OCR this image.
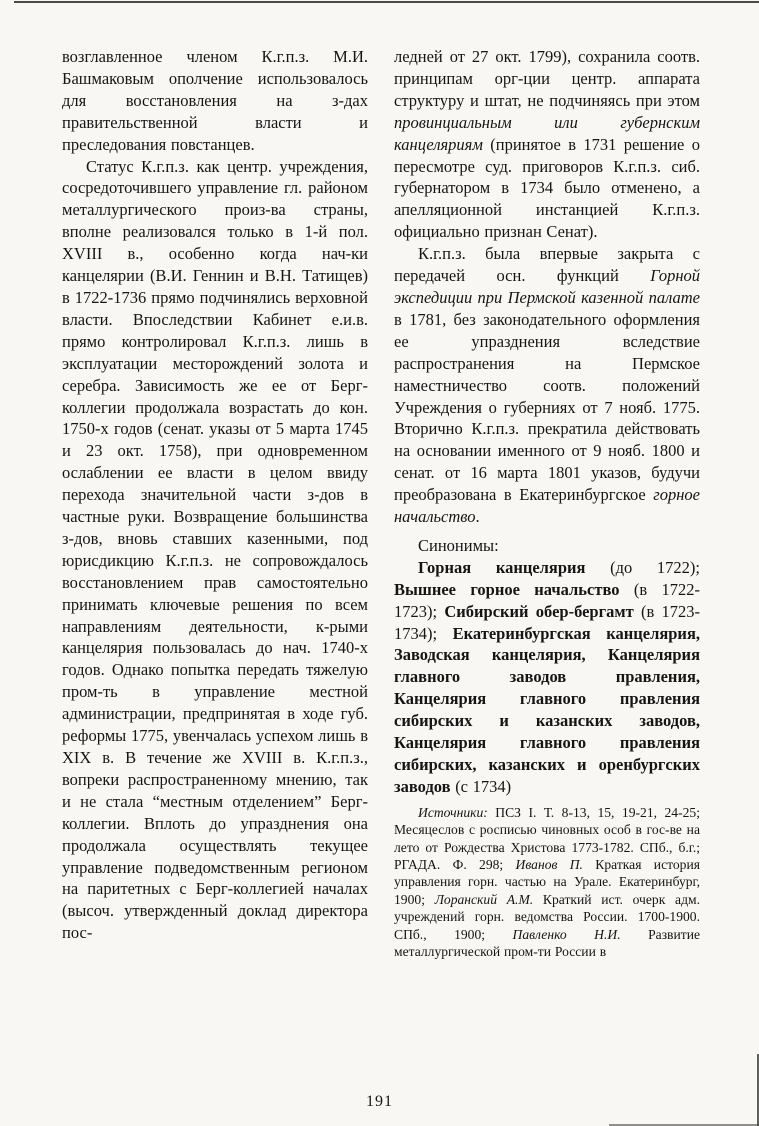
возглавленное членом К.г.п.з. М.И. Башмаковым ополчение использовалось для восстановления на з-дах правительственной власти и преследования повстанцев.

Статус К.г.п.з. как центр. учреждения, сосредоточившего управление гл. районом металлургического произ-ва страны, вполне реализовался только в 1-й пол. XVIII в., особенно когда нач-ки канцелярии (В.И. Геннин и В.Н. Татищев) в 1722-1736 прямо подчинялись верховной власти. Впоследствии Кабинет е.и.в. прямо контролировал К.г.п.з. лишь в эксплуатации месторождений золота и серебра. Зависимость же ее от Берг-коллегии продолжала возрастать до кон. 1750-х годов (сенат. указы от 5 марта 1745 и 23 окт. 1758), при одновременном ослаблении ее власти в целом ввиду перехода значительной части з-дов в частные руки. Возвращение большинства з-дов, вновь ставших казенными, под юрисдикцию К.г.п.з. не сопровождалось восстановлением прав самостоятельно принимать ключевые решения по всем направлениям деятельности, к-рыми канцелярия пользовалась до нач. 1740-х годов. Однако попытка передать тяжелую пром-ть в управление местной администрации, предпринятая в ходе губ. реформы 1775, увенчалась успехом лишь в XIX в. В течение же XVIII в. К.г.п.з., вопреки распространенному мнению, так и не стала “местным отделением” Берг-коллегии. Вплоть до упразднения она продолжала осуществлять текущее управление подведомственным регионом на паритетных с Берг-коллегией началах (высоч. утвержденный доклад директора пос-

ледней от 27 окт. 1799), сохранила соотв. принципам орг-ции центр. аппарата структуру и штат, не подчиняясь при этом провинциальным или губернским канцеляриям (принятое в 1731 решение о пересмотре суд. приговоров К.г.п.з. сиб. губернатором в 1734 было отменено, а апелляционной инстанцией К.г.п.з. официально признан Сенат).

К.г.п.з. была впервые закрыта с передачей осн. функций Горной экспедиции при Пермской казенной палате в 1781, без законодательного оформления ее упразднения вследствие распространения на Пермское наместничество соотв. положений Учреждения о губерниях от 7 нояб. 1775. Вторично К.г.п.з. прекратила действовать на основании именного от 9 нояб. 1800 и сенат. от 16 марта 1801 указов, будучи преобразована в Екатеринбургское горное начальство.

Синонимы:

Горная канцелярия (до 1722); Вышнее горное начальство (в 1722-1723); Сибирский обер-бергамт (в 1723-1734); Екатеринбургская канцелярия, Заводская канцелярия, Канцелярия главного заводов правления, Канцелярия главного правления сибирских и казанских заводов, Канцелярия главного правления сибирских, казанских и оренбургских заводов (с 1734)

Источники: ПСЗ I. Т. 8-13, 15, 19-21, 24-25; Месяцеслов с росписью чиновных особ в гос-ве на лето от Рождества Христова 1773-1782. СПб., б.г.; РГАДА. Ф. 298; Иванов П. Краткая история управления горн. частью на Урале. Екатеринбург, 1900; Лоранский А.М. Краткий ист. очерк адм. учреждений горн. ведомства России. 1700-1900. СПб., 1900; Павленко Н.И. Развитие металлургической пром-ти России в

191
